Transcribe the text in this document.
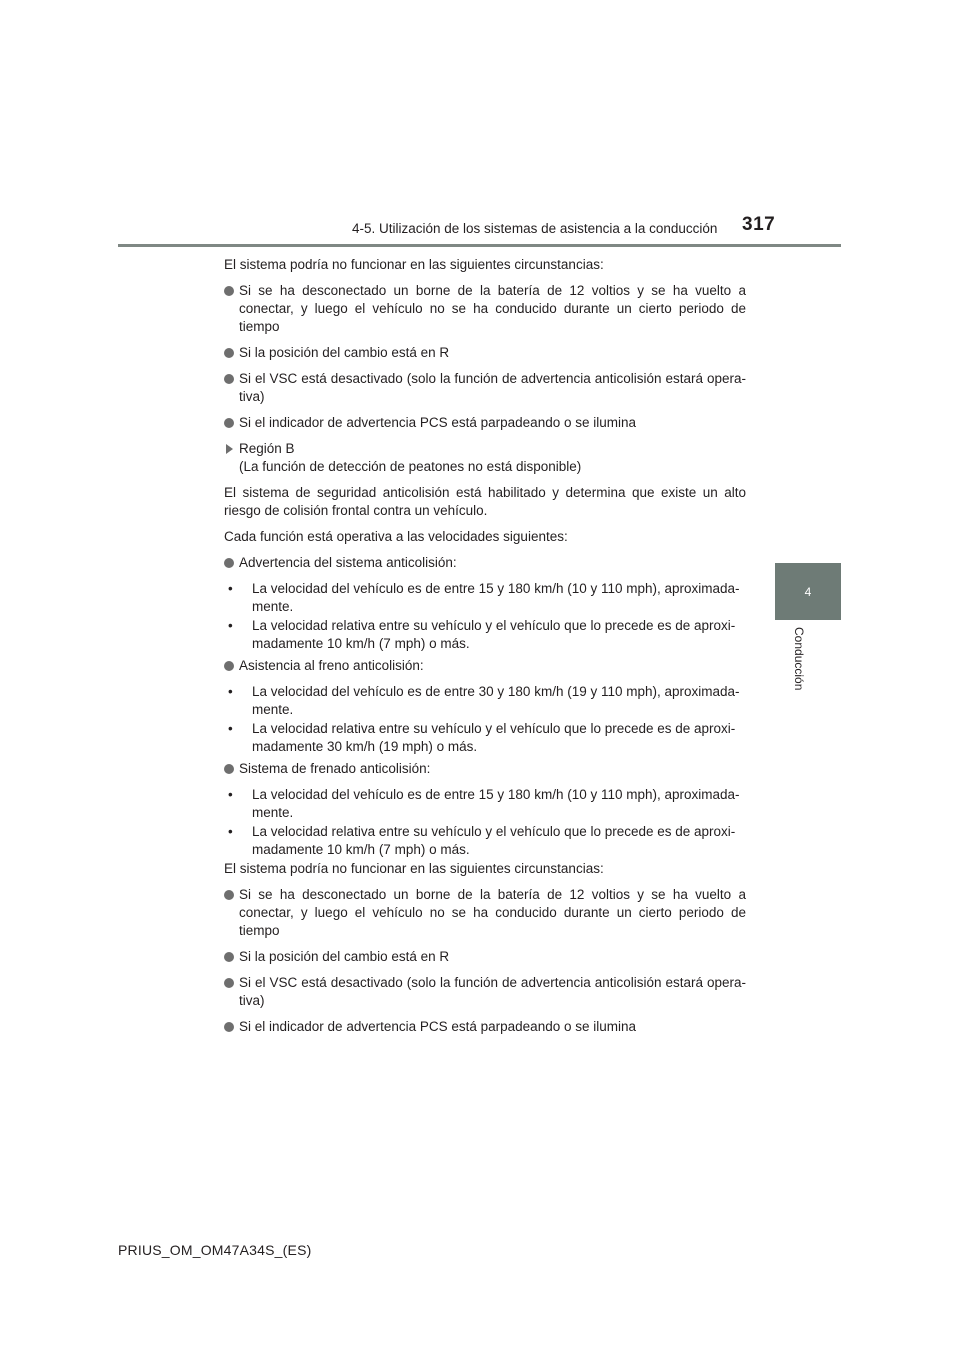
4-5. Utilización de los sistemas de asistencia a la conducción 317
4
Conducción

El sistema podría no funcionar en las siguientes circunstancias:

Si se ha desconectado un borne de la batería de 12 voltios y se ha vuelto a conectar, y luego el vehículo no se ha conducido durante un cierto periodo de tiempo
Si la posición del cambio está en R
Si el VSC está desactivado (solo la función de advertencia anticolisión estará opera-tiva)
Si el indicador de advertencia PCS está parpadeando o se ilumina
Región B
(La función de detección de peatones no está disponible)

El sistema de seguridad anticolisión está habilitado y determina que existe un alto riesgo de colisión frontal contra un vehículo.

Cada función está operativa a las velocidades siguientes:

Advertencia del sistema anticolisión:
• La velocidad del vehículo es de entre 15 y 180 km/h (10 y 110 mph), aproximada-mente.
• La velocidad relativa entre su vehículo y el vehículo que lo precede es de aproxi-madamente 10 km/h (7 mph) o más.
Asistencia al freno anticolisión:
• La velocidad del vehículo es de entre 30 y 180 km/h (19 y 110 mph), aproximada-mente.
• La velocidad relativa entre su vehículo y el vehículo que lo precede es de aproxi-madamente 30 km/h (19 mph) o más.
Sistema de frenado anticolisión:
• La velocidad del vehículo es de entre 15 y 180 km/h (10 y 110 mph), aproximada-mente.
• La velocidad relativa entre su vehículo y el vehículo que lo precede es de aproxi-madamente 10 km/h (7 mph) o más.

El sistema podría no funcionar en las siguientes circunstancias:

Si se ha desconectado un borne de la batería de 12 voltios y se ha vuelto a conectar, y luego el vehículo no se ha conducido durante un cierto periodo de tiempo
Si la posición del cambio está en R
Si el VSC está desactivado (solo la función de advertencia anticolisión estará opera-tiva)
Si el indicador de advertencia PCS está parpadeando o se ilumina
PRIUS_OM_OM47A34S_(ES)
